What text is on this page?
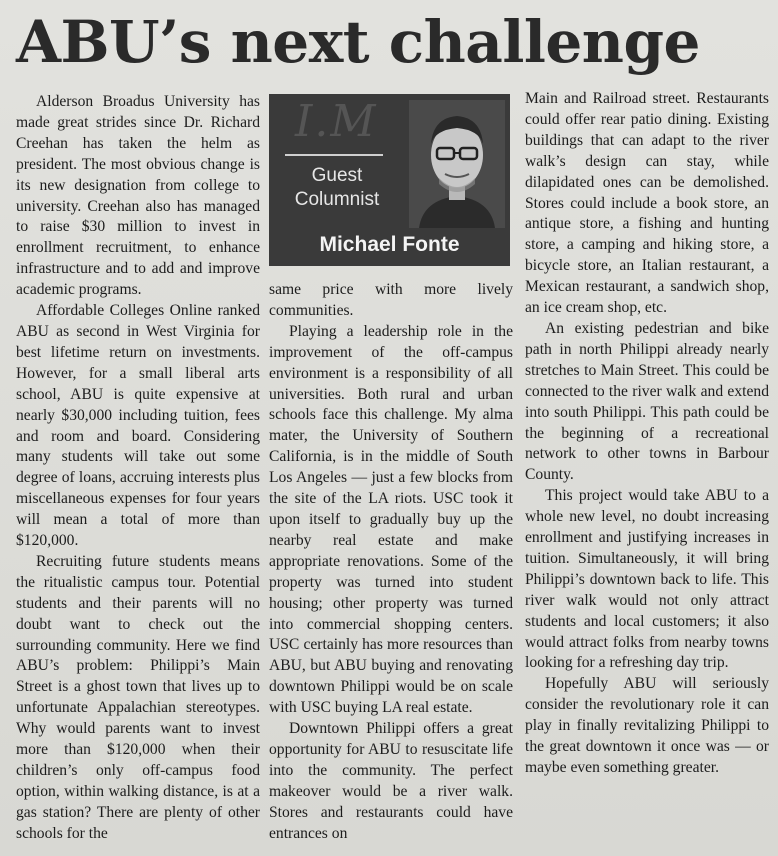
ABU’s next challenge

Alderson Broadus University has made great strides since Dr. Richard Creehan has taken the helm as president. The most obvious change is its new designation from college to university. Creehan also has managed to raise $30 million to invest in enrollment recruitment, to enhance infrastructure and to add and improve academic programs.

Affordable Colleges Online ranked ABU as second in West Virginia for best lifetime return on investments. However, for a small liberal arts school, ABU is quite expensive at nearly $30,000 including tuition, fees and room and board. Considering many students will take out some degree of loans, accruing interests plus miscellaneous expenses for four years will mean a total of more than $120,000.

Recruiting future students means the ritualistic campus tour. Potential students and their parents will no doubt want to check out the surrounding community. Here we find ABU’s problem: Philippi’s Main Street is a ghost town that lives up to unfortunate Appalachian stereotypes. Why would parents want to invest more than $120,000 when their children’s only off-campus food option, within walking distance, is at a gas station? There are plenty of other schools for the

I.M
Guest
Columnist
Michael Fonte

same price with more lively communities.

Playing a leadership role in the improvement of the off-campus environment is a responsibility of all universities. Both rural and urban schools face this challenge. My alma mater, the University of Southern California, is in the middle of South Los Angeles — just a few blocks from the site of the LA riots. USC took it upon itself to gradually buy up the nearby real estate and make appropriate renovations. Some of the property was turned into student housing; other property was turned into commercial shopping centers. USC certainly has more resources than ABU, but ABU buying and renovating downtown Philippi would be on scale with USC buying LA real estate.

Downtown Philippi offers a great opportunity for ABU to resuscitate life into the community. The perfect makeover would be a river walk. Stores and restaurants could have entrances on

Main and Railroad street. Restaurants could offer rear patio dining. Existing buildings that can adapt to the river walk’s design can stay, while dilapidated ones can be demolished. Stores could include a book store, an antique store, a fishing and hunting store, a camping and hiking store, a bicycle store, an Italian restaurant, a Mexican restaurant, a sandwich shop, an ice cream shop, etc.

An existing pedestrian and bike path in north Philippi already nearly stretches to Main Street. This could be connected to the river walk and extend into south Philippi. This path could be the beginning of a recreational network to other towns in Barbour County.

This project would take ABU to a whole new level, no doubt increasing enrollment and justifying increases in tuition. Simultaneously, it will bring Philippi’s downtown back to life. This river walk would not only attract students and local customers; it also would attract folks from nearby towns looking for a refreshing day trip.

Hopefully ABU will seriously consider the revolutionary role it can play in finally revitalizing Philippi to the great downtown it once was — or maybe even something greater.
